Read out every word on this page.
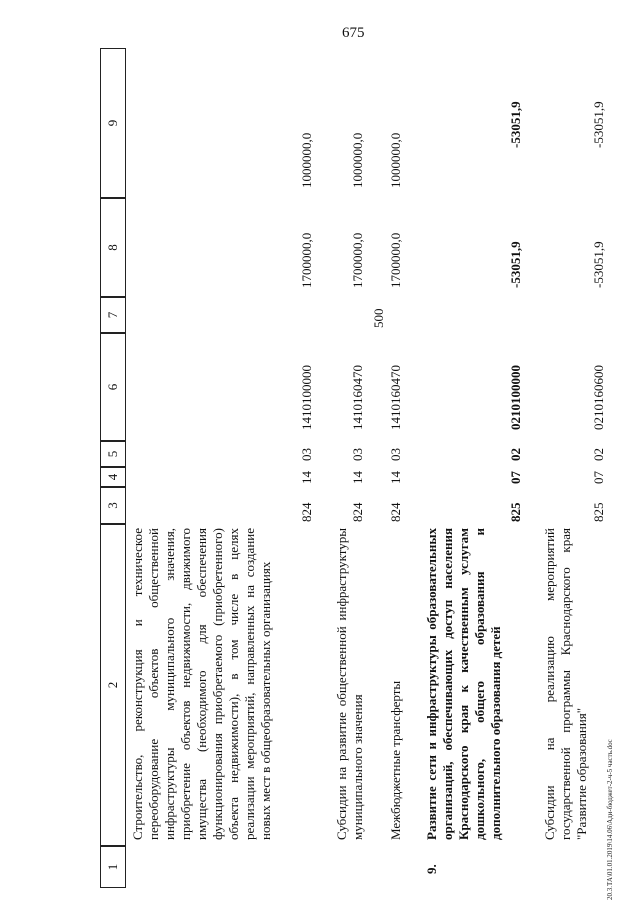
675
20.3.ТА\01.01.2019\14.06\Ади-бюджет-2-ч-5 часть.doc
1
2
3
4
5
6
7
8
9
Строительство, реконструкция и техническое переоборудование объектов общественной инфраструктуры муниципального значения, приобретение объектов недвижимости, движимого имущества (необходимого для обеспечения функционирования приобретаемого (приобретенного) объекта недвижимости), в том числе в целях реализации мероприятий, направленных на создание новых мест в общеобразовательных организациях
824
14
03
1410100000
1700000,0
1000000,0
Субсидии на развитие общественной инфраструктуры муниципального значения
824
14
03
1410160470
1700000,0
1000000,0
Межбюджетные трансферты
824
14
03
1410160470
500
1700000,0
1000000,0
9.
Развитие сети и инфраструктуры образовательных организаций, обеспечивающих доступ населения Краснодарского края к качественным услугам дошкольного, общего образования и дополнительного образования детей
825
07
02
0210100000
-53051,9
-53051,9
Субсидии на реализацию мероприятий государственной программы Краснодарского края "Развитие образования"
825
07
02
0210160600
-53051,9
-53051,9
